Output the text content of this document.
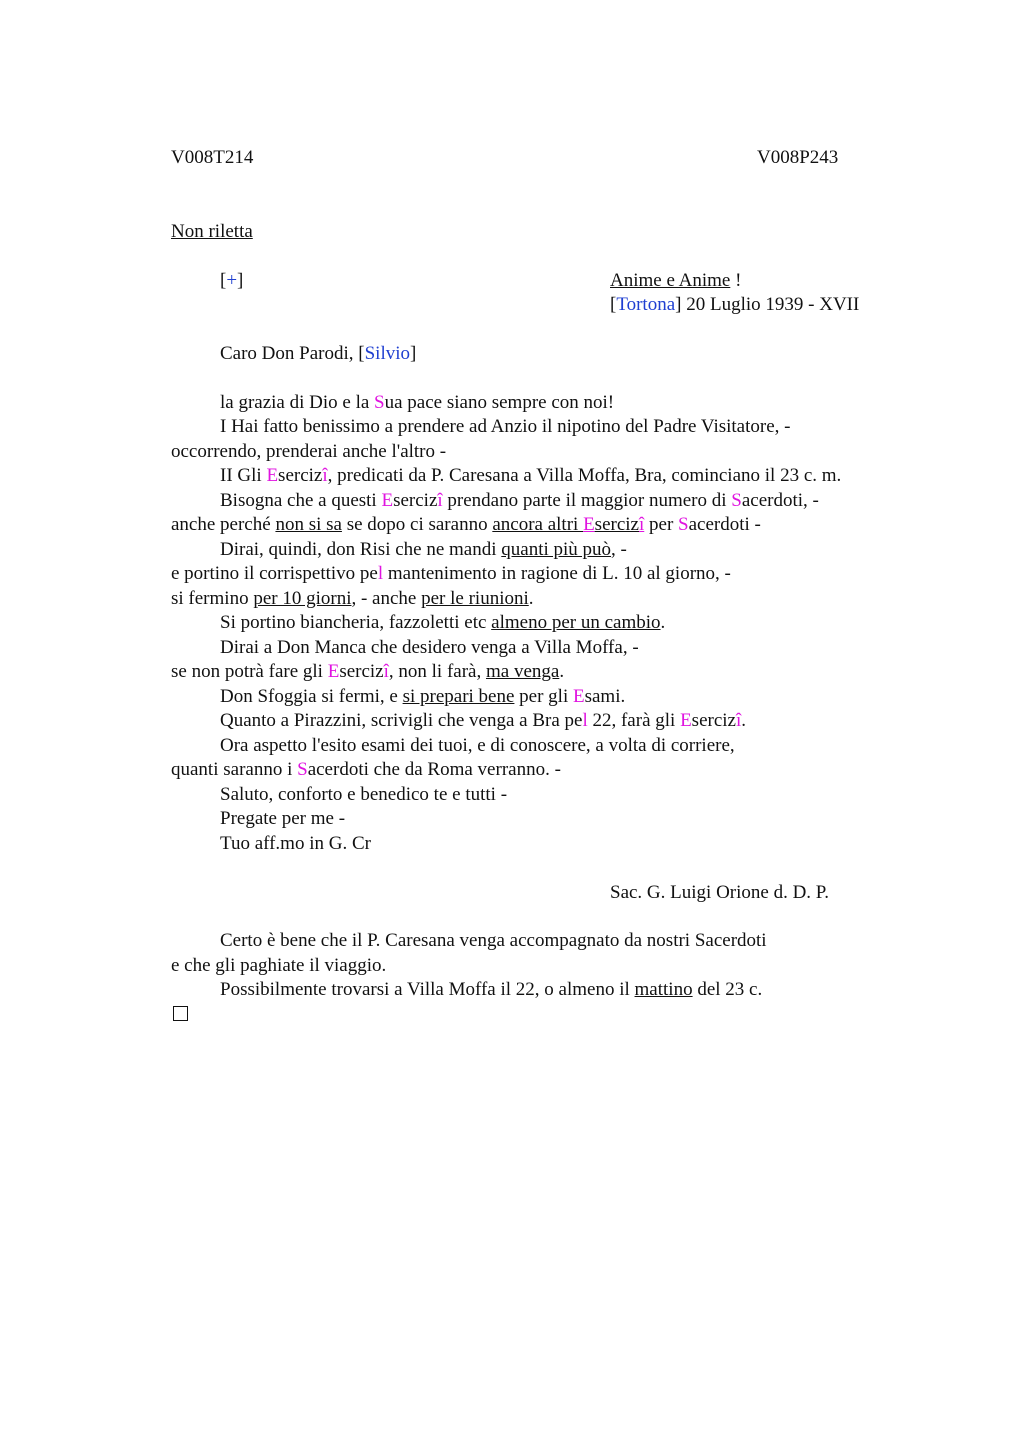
V008T214	V008P243
Non riletta
[+]	Anime e Anime !
[Tortona] 20 Luglio 1939 - XVII
Caro Don Parodi, [Silvio]
la grazia di Dio e la Sua pace siano sempre con noi!
I Hai fatto benissimo a prendere ad Anzio il nipotino del Padre Visitatore, -
occorrendo, prenderai anche l'altro -
II Gli Esercizî, predicati da P. Caresana a Villa Moffa, Bra, cominciano il 23 c. m.
Bisogna che a questi Esercizî prendano parte il maggior numero di Sacerdoti, -
anche perché non si sa se dopo ci saranno ancora altri Esercizî per Sacerdoti -
Dirai, quindi, don Risi che ne mandi quanti più può, -
e portino il corrispettivo pel mantenimento in ragione di L. 10 al giorno, -
si fermino per 10 giorni, - anche per le riunioni.
Si portino biancheria, fazzoletti etc almeno per un cambio.
Dirai a Don Manca che desidero venga a Villa Moffa, -
se non potrà fare gli Esercizî, non li farà, ma venga.
Don Sfoggia si fermi, e si prepari bene per gli Esami.
Quanto a Pirazzini, scrivigli che venga a Bra pel 22, farà gli Esercizî.
Ora aspetto l'esito esami dei tuoi, e di conoscere, a volta di corriere,
quanti saranno i Sacerdoti che da Roma verranno. -
Saluto, conforto e benedico te e tutti -
Pregate per me -
Tuo aff.mo in G. Cr
Sac. G. Luigi Orione d. D. P.
Certo è bene che il P. Caresana venga accompagnato da nostri Sacerdoti
e che gli paghiate il viaggio.
Possibilmente trovarsi a Villa Moffa il 22, o almeno il mattino del 23 c.
